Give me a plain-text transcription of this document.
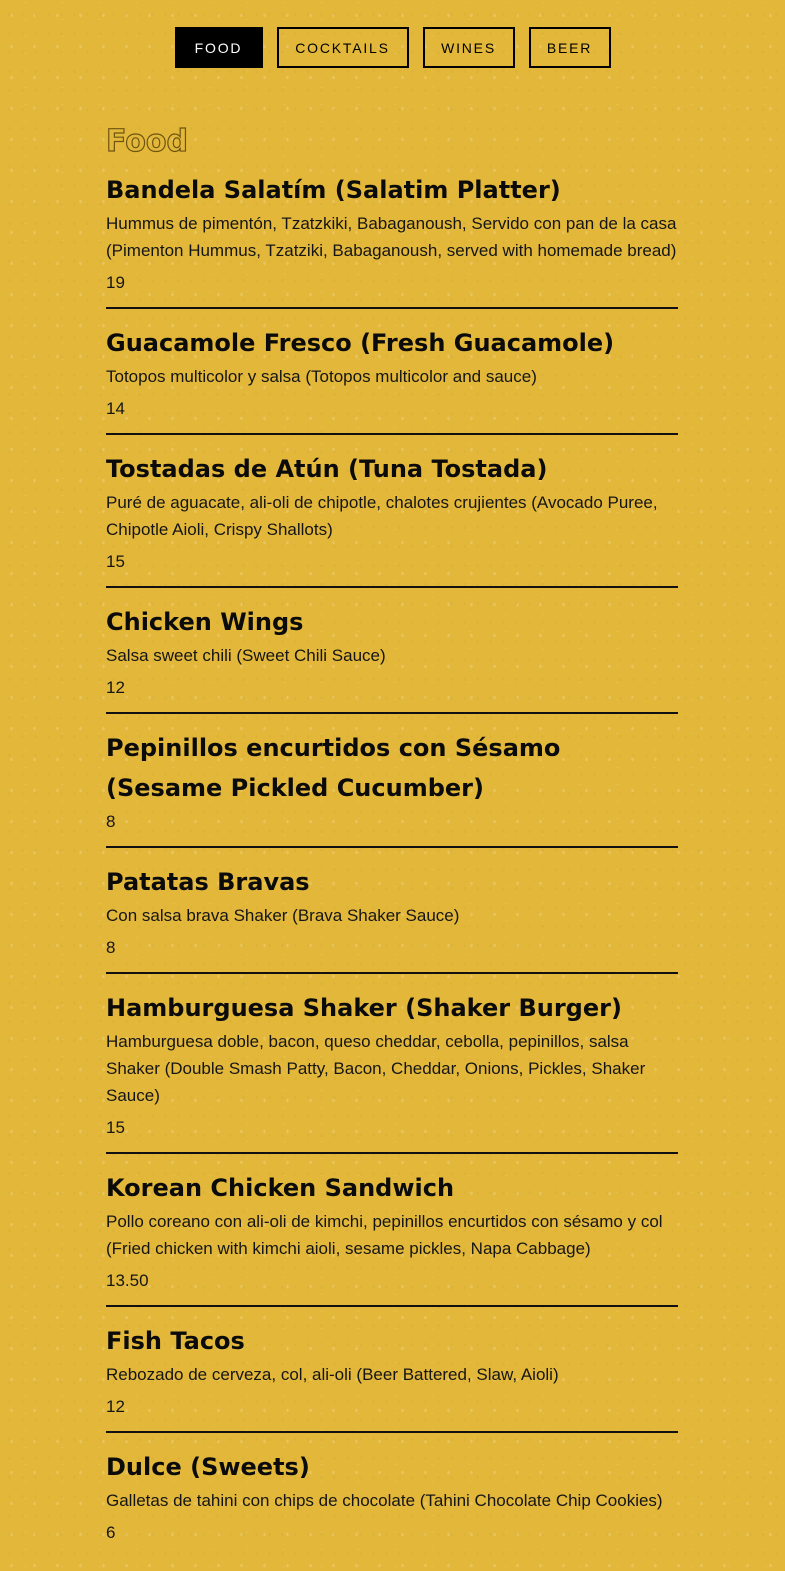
FOOD	COCKTAILS	WINES	BEER
Food
Bandela Salatím (Salatim Platter)

Hummus de pimentón, Tzatzkiki, Babaganoush, Servido con pan de la casa (Pimenton Hummus, Tzatziki, Babaganoush, served with homemade bread)

19

Guacamole Fresco (Fresh Guacamole)

Totopos multicolor y salsa (Totopos multicolor and sauce)

14

Tostadas de Atún (Tuna Tostada)

Puré de aguacate, ali-oli de chipotle, chalotes crujientes (Avocado Puree, Chipotle Aioli, Crispy Shallots)

15

Chicken Wings

Salsa sweet chili (Sweet Chili Sauce)

12

Pepinillos encurtidos con Sésamo (Sesame Pickled Cucumber)

8

Patatas Bravas

Con salsa brava Shaker (Brava Shaker Sauce)

8

Hamburguesa Shaker (Shaker Burger)

Hamburguesa doble, bacon, queso cheddar, cebolla, pepinillos, salsa Shaker (Double Smash Patty, Bacon, Cheddar, Onions, Pickles, Shaker Sauce)

15

Korean Chicken Sandwich

Pollo coreano con ali-oli de kimchi, pepinillos encurtidos con sésamo y col (Fried chicken with kimchi aioli, sesame pickles, Napa Cabbage)

13.50

Fish Tacos

Rebozado de cerveza, col, ali-oli (Beer Battered, Slaw, Aioli)

12

Dulce (Sweets)

Galletas de tahini con chips de chocolate (Tahini Chocolate Chip Cookies)

6
